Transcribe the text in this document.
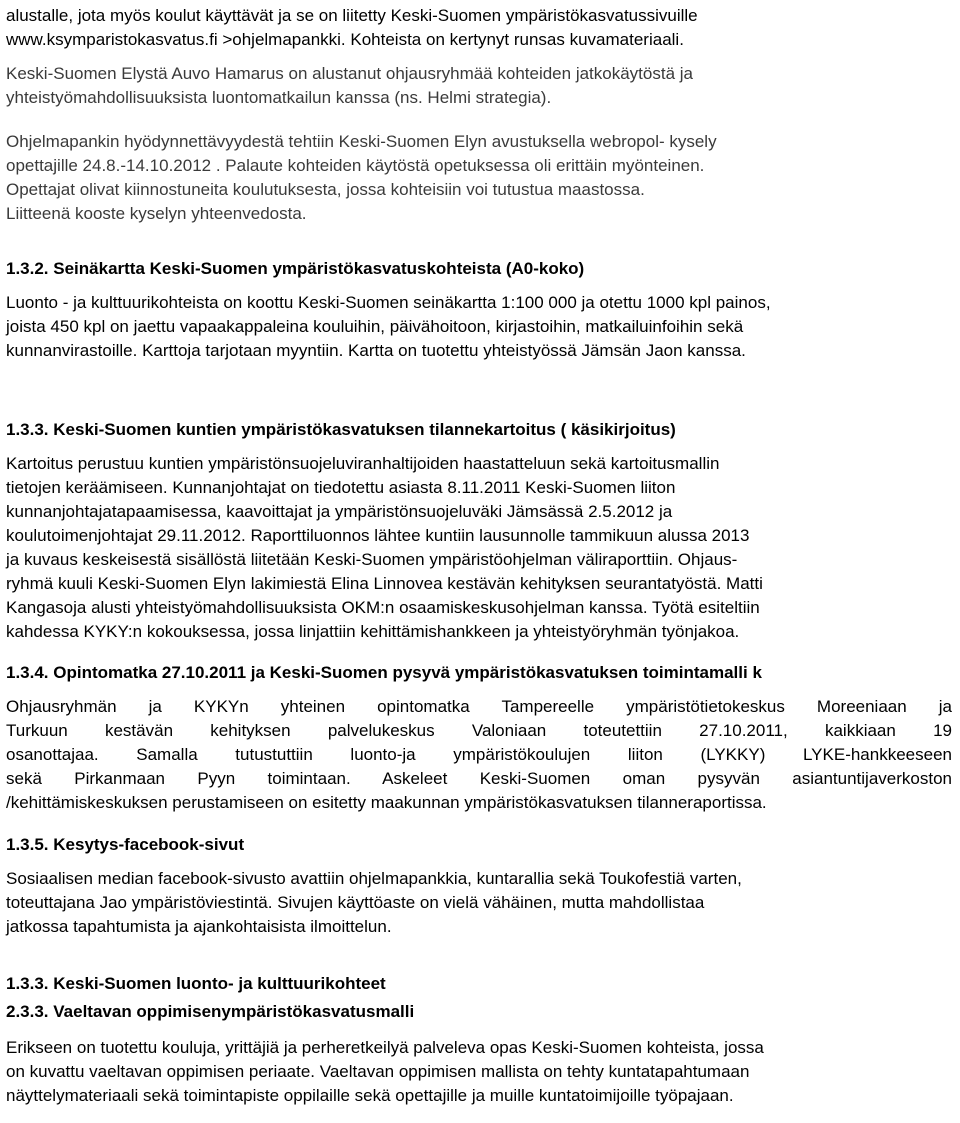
alustalle, jota myös koulut käyttävät ja se on liitetty Keski-Suomen ympäristökasvatussivuille
www.ksymparistokasvatus.fi >ohjelmapankki. Kohteista on kertynyt runsas kuvamateriaali.

Keski-Suomen Elystä Auvo Hamarus on alustanut ohjausryhmää kohteiden jatkokäytöstä ja
yhteistyömahdollisuuksista luontomatkailun kanssa (ns. Helmi strategia).

Ohjelmapankin hyödynnettävyydestä tehtiin Keski-Suomen Elyn avustuksella webropol- kysely
opettajille 24.8.-14.10.2012 . Palaute kohteiden käytöstä opetuksessa oli erittäin myönteinen.
Opettajat olivat kiinnostuneita koulutuksesta, jossa kohteisiin voi tutustua maastossa.
Liitteenä kooste kyselyn yhteenvedosta.

1.3.2. Seinäkartta Keski-Suomen ympäristökasvatuskohteista (A0-koko)

Luonto - ja kulttuurikohteista on koottu Keski-Suomen seinäkartta 1:100 000 ja otettu 1000 kpl painos,
joista 450 kpl on jaettu vapaakappaleina kouluihin, päivähoitoon, kirjastoihin, matkailuinfoihin sekä
kunnanvirastoille. Karttoja tarjotaan myyntiin. Kartta on tuotettu yhteistyössä Jämsän Jaon kanssa.

1.3.3. Keski-Suomen kuntien ympäristökasvatuksen tilannekartoitus ( käsikirjoitus)

Kartoitus perustuu kuntien ympäristönsuojeluviranhaltijoiden haastatteluun sekä kartoitusmallin
tietojen keräämiseen. Kunnanjohtajat on tiedotettu asiasta 8.11.2011 Keski-Suomen liiton
kunnanjohtajatapaamisessa, kaavoittajat ja ympäristönsuojeluväki Jämsässä 2.5.2012 ja
koulutoimenjohtajat 29.11.2012. Raporttiluonnos lähtee kuntiin lausunnolle tammikuun alussa 2013
ja kuvaus keskeisestä sisällöstä liitetään Keski-Suomen ympäristöohjelman väliraporttiin. Ohjaus-
ryhmä kuuli Keski-Suomen Elyn lakimiestä Elina Linnovea kestävän kehityksen seurantatyöstä. Matti
Kangasoja alusti yhteistyömahdollisuuksista OKM:n osaamiskeskusohjelman kanssa. Työtä esiteltiin
kahdessa KYKY:n kokouksessa, jossa linjattiin kehittämishankkeen ja yhteistyöryhmän työnjakoa.

1.3.4. Opintomatka 27.10.2011 ja Keski-Suomen pysyvä ympäristökasvatuksen toimintamalli k

Ohjausryhmän ja KYKYn yhteinen opintomatka Tampereelle ympäristötietokeskus Moreeniaan ja
Turkuun kestävän kehityksen palvelukeskus Valoniaan toteutettiin 27.10.2011, kaikkiaan 19
osanottajaa. Samalla tutustuttiin luonto-ja ympäristökoulujen liiton (LYKKY) LYKE-hankkeeseen
sekä Pirkanmaan Pyyn toimintaan. Askeleet Keski-Suomen oman pysyvän asiantuntijaverkoston
/kehittämiskeskuksen perustamiseen on esitetty maakunnan ympäristökasvatuksen tilanneraportissa.

1.3.5. Kesytys-facebook-sivut

Sosiaalisen median facebook-sivusto avattiin ohjelmapankkia, kuntarallia sekä Toukofestiä varten,
toteuttajana Jao ympäristöviestintä. Sivujen käyttöaste on vielä vähäinen, mutta mahdollistaa
jatkossa tapahtumista ja ajankohtaisista ilmoittelun.

1.3.3. Keski-Suomen luonto- ja kulttuurikohteet
2.3.3. Vaeltavan oppimisenympäristökasvatusmalli

Erikseen on tuotettu kouluja, yrittäjiä ja perheretkeilyä palveleva opas Keski-Suomen kohteista, jossa
on kuvattu vaeltavan oppimisen periaate. Vaeltavan oppimisen mallista on tehty kuntatapahtumaan
näyttelymateriaali sekä toimintapiste oppilaille sekä opettajille ja muille kuntatoimijoille työpajaan.
